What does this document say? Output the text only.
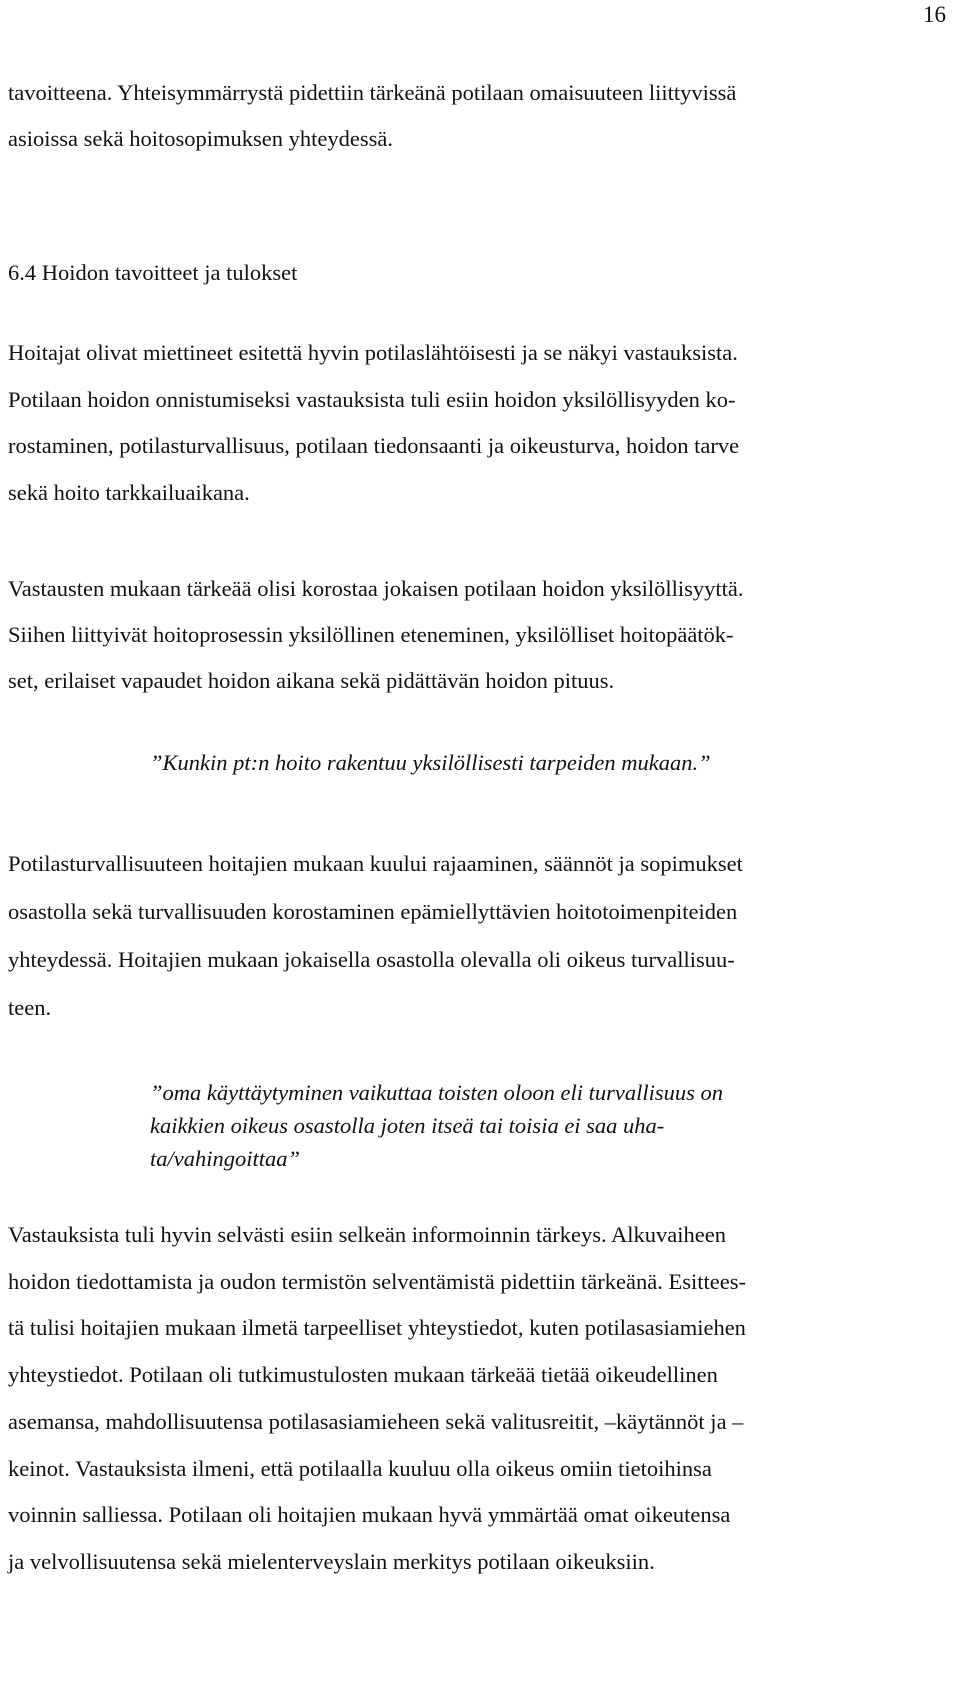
16

tavoitteena. Yhteisymmärrystä pidettiin tärkeänä potilaan omaisuuteen liittyvissä
asioissa sekä hoitosopimuksen yhteydessä.

6.4 Hoidon tavoitteet ja tulokset

Hoitajat olivat miettineet esitettä hyvin potilaslähtöisesti ja se näkyi vastauksista.
Potilaan hoidon onnistumiseksi vastauksista tuli esiin hoidon yksilöllisyyden ko-
rostaminen, potilasturvallisuus, potilaan tiedonsaanti ja oikeusturva, hoidon tarve
sekä hoito tarkkailuaikana.

Vastausten mukaan tärkeää olisi korostaa jokaisen potilaan hoidon yksilöllisyyttä.
Siihen liittyivät hoitoprosessin yksilöllinen eteneminen, yksilölliset hoitopäätök-
set, erilaiset vapaudet hoidon aikana sekä pidättävän hoidon pituus.

”Kunkin pt:n hoito rakentuu yksilöllisesti tarpeiden mukaan.”

Potilasturvallisuuteen hoitajien mukaan kuului rajaaminen, säännöt ja sopimukset
osastolla sekä turvallisuuden korostaminen epämiellyttävien hoitotoimenpiteiden
yhteydessä. Hoitajien mukaan jokaisella osastolla olevalla oli oikeus turvallisuu-
teen.

”oma käyttäytyminen vaikuttaa toisten oloon eli turvallisuus on
kaikkien oikeus osastolla joten itseä tai toisia ei saa uha-
ta/vahingoittaa”

Vastauksista tuli hyvin selvästi esiin selkeän informoinnin tärkeys. Alkuvaiheen
hoidon tiedottamista ja oudon termistön selventämistä pidettiin tärkeänä. Esittees-
tä tulisi hoitajien mukaan ilmetä tarpeelliset yhteystiedot, kuten potilasasiamiehen
yhteystiedot. Potilaan oli tutkimustulosten mukaan tärkeää tietää oikeudellinen
asemansa, mahdollisuutensa potilasasiamieheen sekä valitusreitit, –käytännöt ja –
keinot. Vastauksista ilmeni, että potilaalla kuuluu olla oikeus omiin tietoihinsa
voinnin salliessa. Potilaan oli hoitajien mukaan hyvä ymmärtää omat oikeutensa
ja velvollisuutensa sekä mielenterveyslain merkitys potilaan oikeuksiin.
